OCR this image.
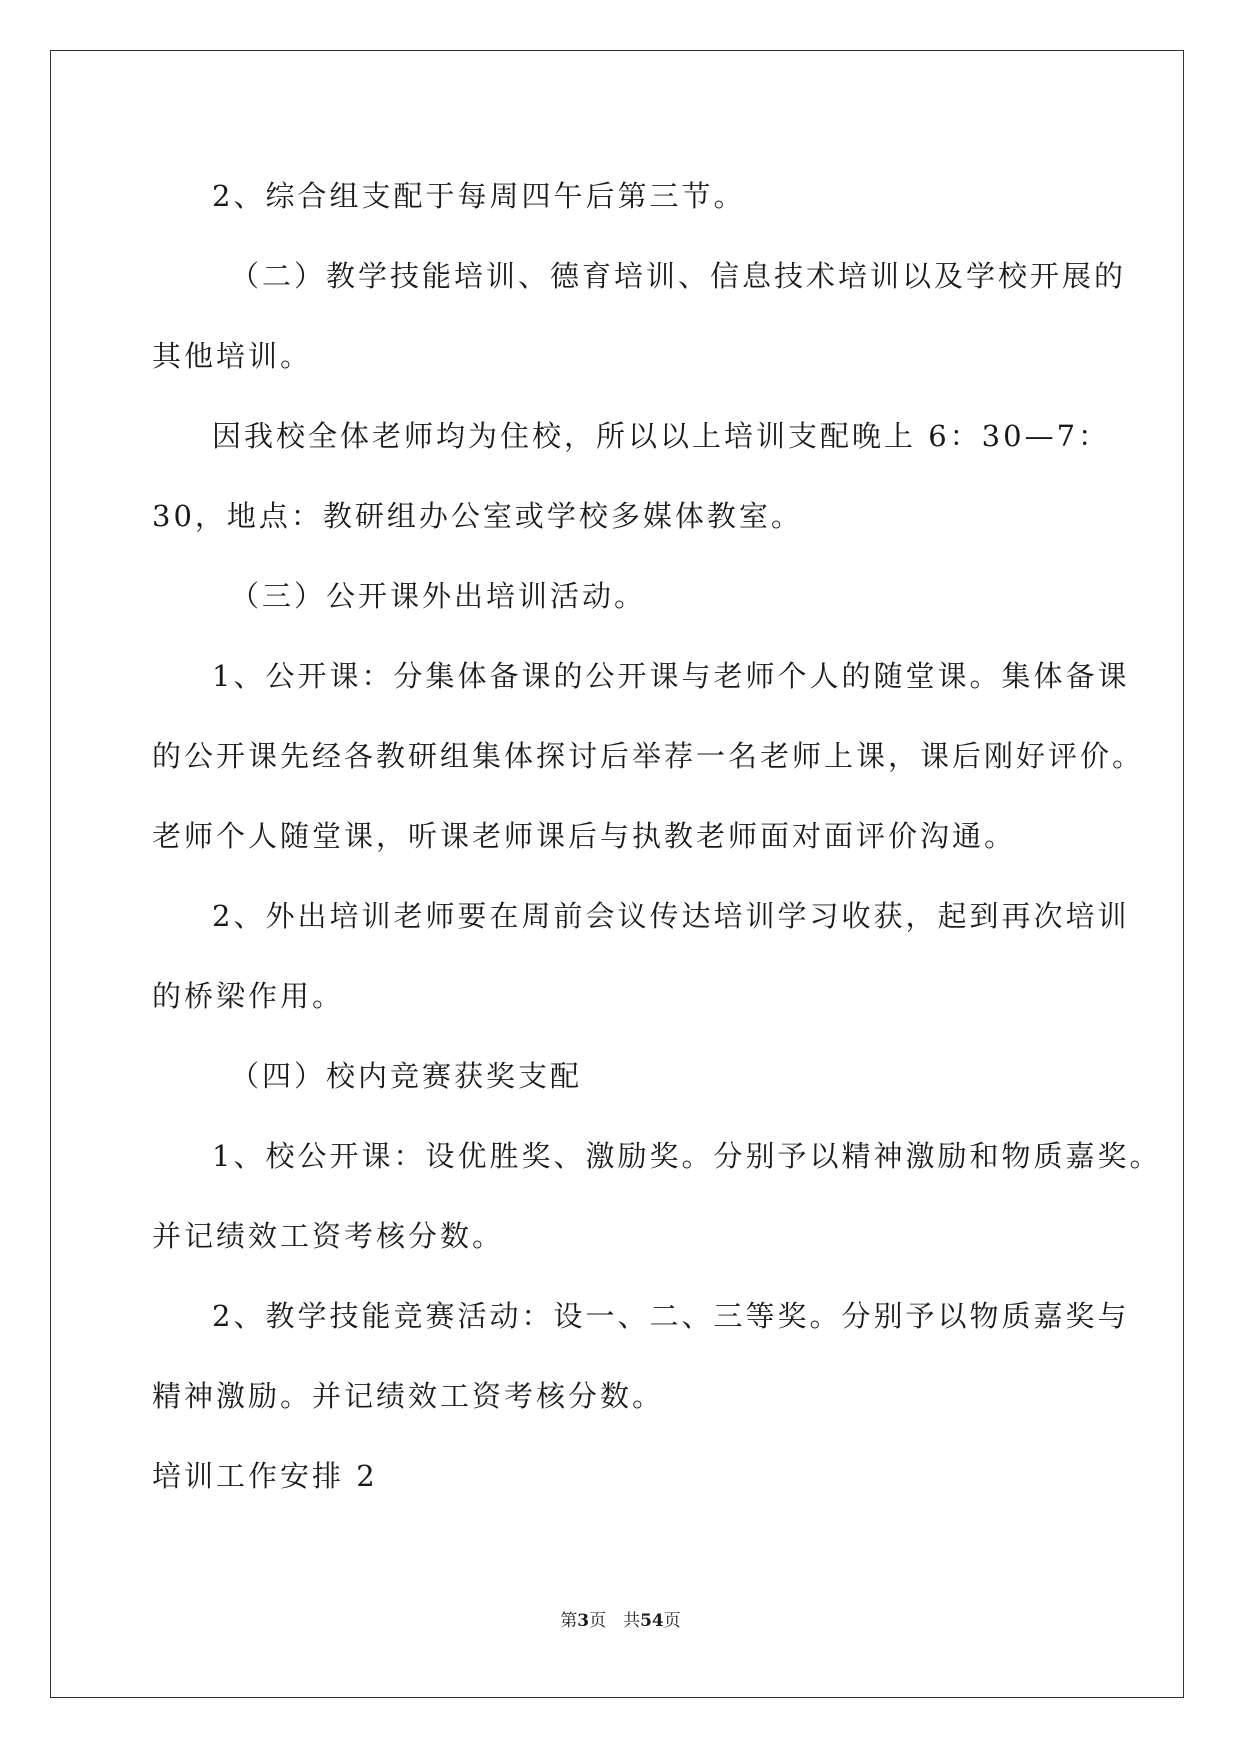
2、综合组支配于每周四午后第三节。
（二）教学技能培训、德育培训、信息技术培训以及学校开展的
其他培训。
因我校全体老师均为住校，所以以上培训支配晚上 6：30—7：
30，地点：教研组办公室或学校多媒体教室。
（三）公开课外出培训活动。
1、公开课：分集体备课的公开课与老师个人的随堂课。集体备课
的公开课先经各教研组集体探讨后举荐一名老师上课，课后刚好评价。
老师个人随堂课，听课老师课后与执教老师面对面评价沟通。
2、外出培训老师要在周前会议传达培训学习收获，起到再次培训
的桥梁作用。
（四）校内竞赛获奖支配
1、校公开课：设优胜奖、激励奖。分别予以精神激励和物质嘉奖。
并记绩效工资考核分数。
2、教学技能竞赛活动：设一、二、三等奖。分别予以物质嘉奖与
精神激励。并记绩效工资考核分数。
培训工作安排 2
第3页　共54页
